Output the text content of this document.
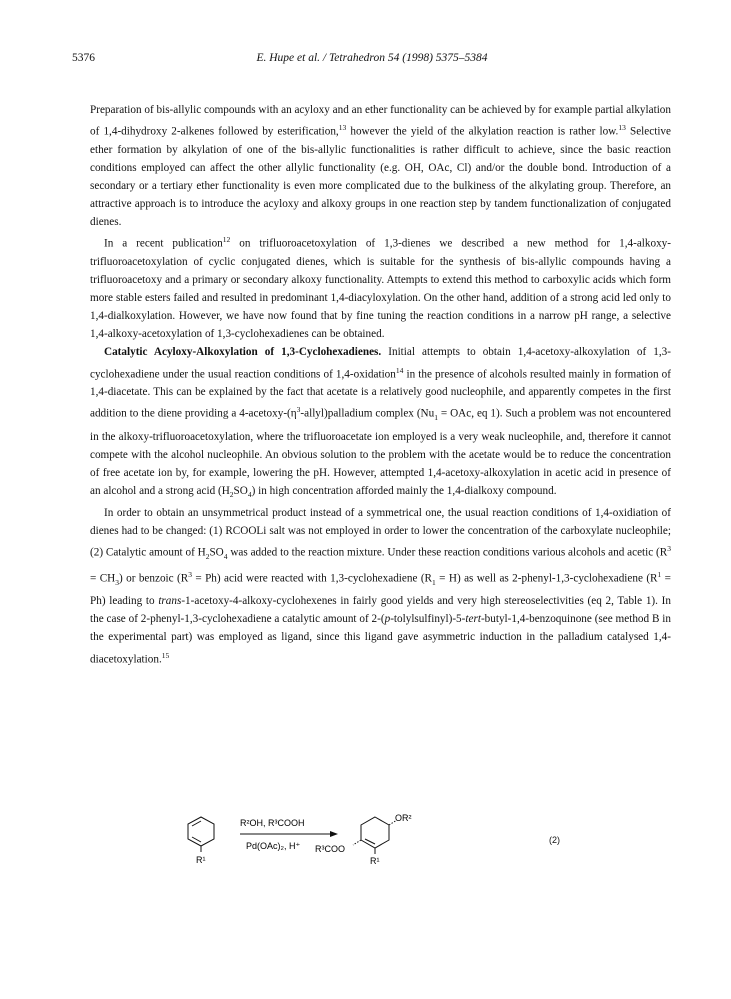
5376	E. Hupe et al. / Tetrahedron 54 (1998) 5375–5384

Preparation of bis-allylic compounds with an acyloxy and an ether functionality can be achieved by for example partial alkylation of 1,4-dihydroxy 2-alkenes followed by esterification,$^{13}$ however the yield of the alkylation reaction is rather low.$^{13}$ Selective ether formation by alkylation of one of the bis-allylic functionalities is rather difficult to achieve, since the basic reaction conditions employed can affect the other allylic functionality (e.g. OH, OAc, Cl) and/or the double bond. Introduction of a secondary or a tertiary ether functionality is even more complicated due to the bulkiness of the alkylating group. Therefore, an attractive approach is to introduce the acyloxy and alkoxy groups in one reaction step by tandem functionalization of conjugated dienes.

In a recent publication$^{12}$ on trifluoroacetoxylation of 1,3-dienes we described a new method for 1,4-alkoxy-trifluoroacetoxylation of cyclic conjugated dienes, which is suitable for the synthesis of bis-allylic compounds having a trifluoroacetoxy and a primary or secondary alkoxy functionality. Attempts to extend this method to carboxylic acids which form more stable esters failed and resulted in predominant 1,4-diacyloxylation. On the other hand, addition of a strong acid led only to 1,4-dialkoxylation. However, we have now found that by fine tuning the reaction conditions in a narrow pH range, a selective 1,4-alkoxy-acetoxylation of 1,3-cyclohexadienes can be obtained.

Catalytic Acyloxy-Alkoxylation of 1,3-Cyclohexadienes. Initial attempts to obtain 1,4-acetoxy-alkoxylation of 1,3-cyclohexadiene under the usual reaction conditions of 1,4-oxidation$^{14}$ in the presence of alcohols resulted mainly in formation of 1,4-diacetate. This can be explained by the fact that acetate is a relatively good nucleophile, and apparently competes in the first addition to the diene providing a $4-acetoxy-(\eta^3-allyl)palladium$ complex ($Nu_1$ = OAc, eq 1). Such a problem was not encountered in the alkoxy-trifluoroacetoxylation, where the trifluoroacetate ion employed is a very weak nucleophile, and, therefore it cannot compete with the alcohol nucleophile. An obvious solution to the problem with the acetate would be to reduce the concentration of free acetate ion by, for example, lowering the pH. However, attempted 1,4-acetoxy-alkoxylation in acetic acid in presence of an alcohol and a strong acid $(H_2SO_4)$ in high concentration afforded mainly the 1,4-dialkoxy compound.

In order to obtain an unsymmetrical product instead of a symmetrical one, the usual reaction conditions of 1,4-oxidiation of dienes had to be changed: (1) RCOOLi salt was not employed in order to lower the concentration of the carboxylate nucleophile; (2) Catalytic amount of $H_2SO_4$ was added to the reaction mixture. Under these reaction conditions various alcohols and acetic $(R^3 = CH_3)$ or benzoic $(R^3 = Ph)$ acid were reacted with 1,3-cyclohexadiene $(R_1 = H)$ as well as 2-phenyl-1,3-cyclohexadiene $(R^1 = Ph)$ leading to trans-1-acetoxy-4-alkoxy-cyclohexenes in fairly good yields and very high stereoselectivities (eq 2, Table 1). In the case of 2-phenyl-1,3-cyclohexadiene a catalytic amount of 2-(p-tolylsulfinyl)-5-tert-butyl-1,4-benzoquinone (see method B in the experimental part) was employed as ligand, since this ligand gave asymmetric induction in the palladium catalysed 1,4-diacetoxylation.$^{15}$

R¹
R²OH, R³COOH
Pd(OAc)₂, H⁺
OR²
R³COO
R¹
(2)
